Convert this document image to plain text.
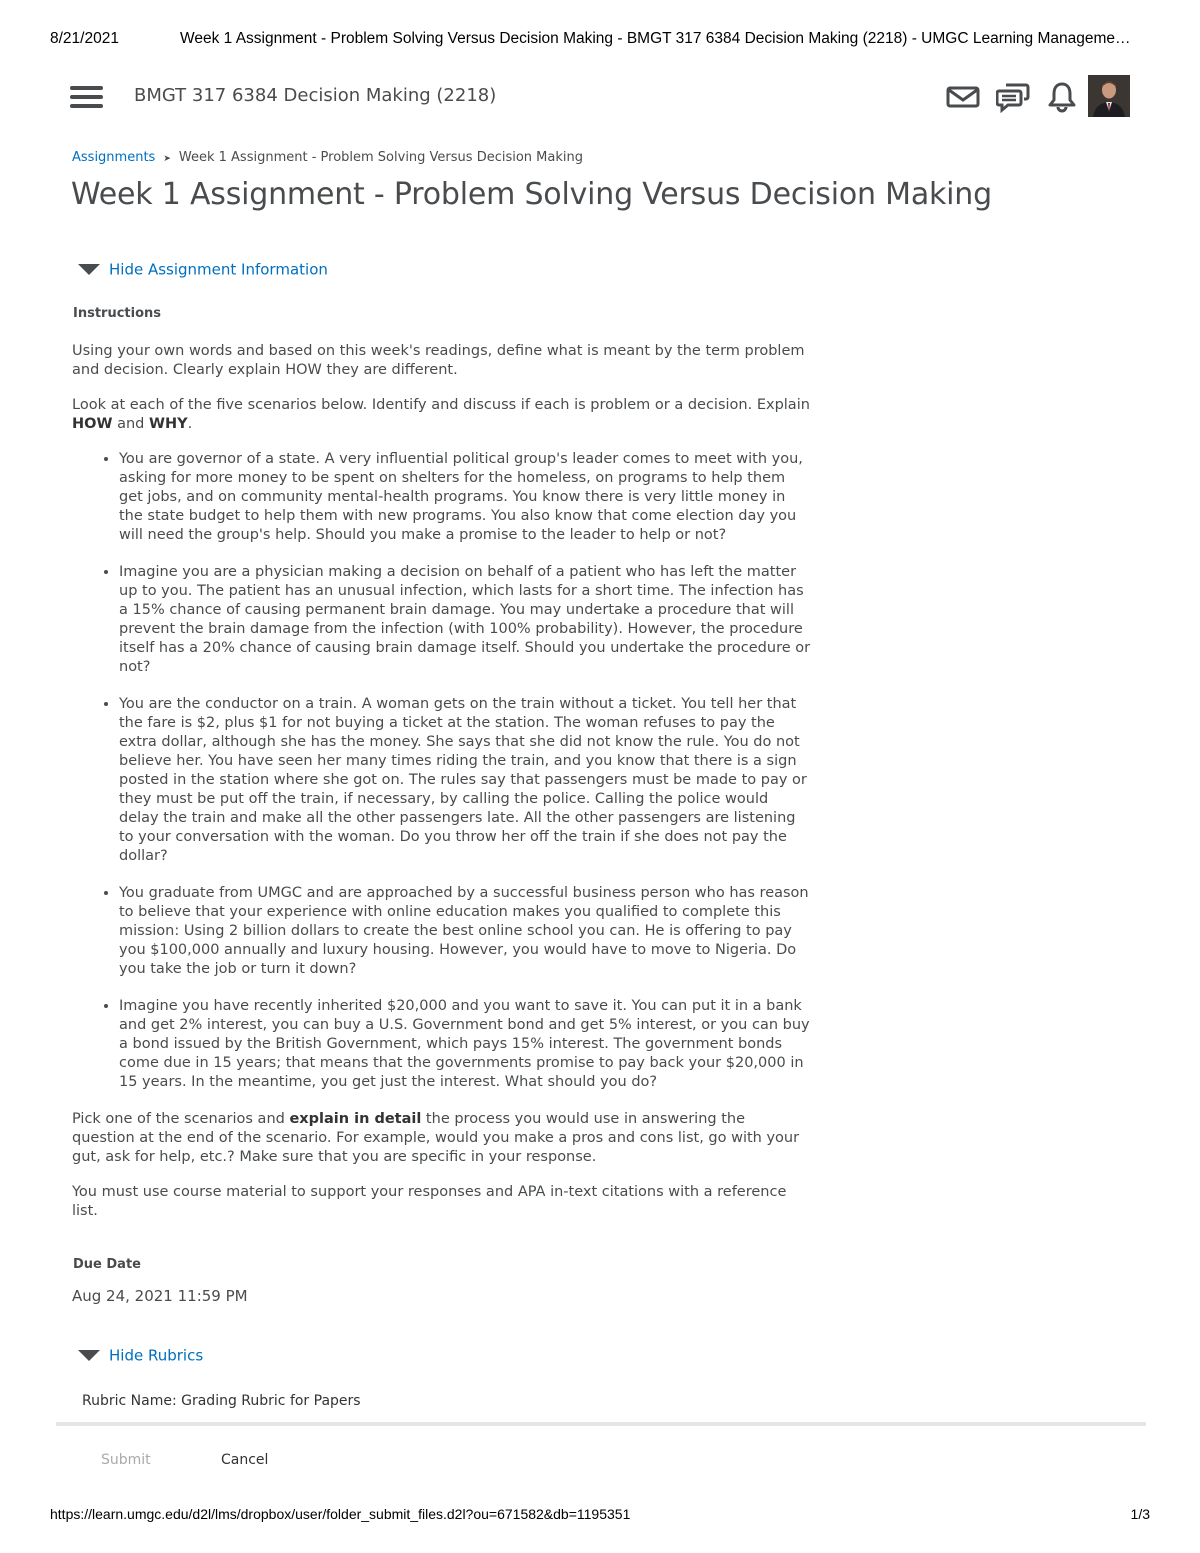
8/21/2021	Week 1 Assignment - Problem Solving Versus Decision Making - BMGT 317 6384 Decision Making (2218) - UMGC Learning Manageme…
BMGT 317 6384 Decision Making (2218)
Assignments ➤ Week 1 Assignment - Problem Solving Versus Decision Making
Week 1 Assignment - Problem Solving Versus Decision Making
Hide Assignment Information
Instructions

Using your own words and based on this week's readings, define what is meant by the term problem and decision. Clearly explain HOW they are different.

Look at each of the five scenarios below. Identify and discuss if each is problem or a decision. Explain HOW and WHY.

• You are governor of a state. A very influential political group's leader comes to meet with you, asking for more money to be spent on shelters for the homeless, on programs to help them get jobs, and on community mental-health programs. You know there is very little money in the state budget to help them with new programs. You also know that come election day you will need the group's help. Should you make a promise to the leader to help or not?
• Imagine you are a physician making a decision on behalf of a patient who has left the matter up to you. The patient has an unusual infection, which lasts for a short time. The infection has a 15% chance of causing permanent brain damage. You may undertake a procedure that will prevent the brain damage from the infection (with 100% probability). However, the procedure itself has a 20% chance of causing brain damage itself. Should you undertake the procedure or not?
• You are the conductor on a train. A woman gets on the train without a ticket. You tell her that the fare is $2, plus $1 for not buying a ticket at the station. The woman refuses to pay the extra dollar, although she has the money. She says that she did not know the rule. You do not believe her. You have seen her many times riding the train, and you know that there is a sign posted in the station where she got on. The rules say that passengers must be made to pay or they must be put off the train, if necessary, by calling the police. Calling the police would delay the train and make all the other passengers late. All the other passengers are listening to your conversation with the woman. Do you throw her off the train if she does not pay the dollar?
• You graduate from UMGC and are approached by a successful business person who has reason to believe that your experience with online education makes you qualified to complete this mission: Using 2 billion dollars to create the best online school you can. He is offering to pay you $100,000 annually and luxury housing. However, you would have to move to Nigeria. Do you take the job or turn it down?
• Imagine you have recently inherited $20,000 and you want to save it. You can put it in a bank and get 2% interest, you can buy a U.S. Government bond and get 5% interest, or you can buy a bond issued by the British Government, which pays 15% interest. The government bonds come due in 15 years; that means that the governments promise to pay back your $20,000 in 15 years. In the meantime, you get just the interest. What should you do?

Pick one of the scenarios and explain in detail the process you would use in answering the question at the end of the scenario. For example, would you make a pros and cons list, go with your gut, ask for help, etc.? Make sure that you are specific in your response.

You must use course material to support your responses and APA in-text citations with a reference list.

Due Date
Aug 24, 2021 11:59 PM
Hide Rubrics
Rubric Name: Grading Rubric for Papers
Submit	Cancel
https://learn.umgc.edu/d2l/lms/dropbox/user/folder_submit_files.d2l?ou=671582&db=1195351	1/3
